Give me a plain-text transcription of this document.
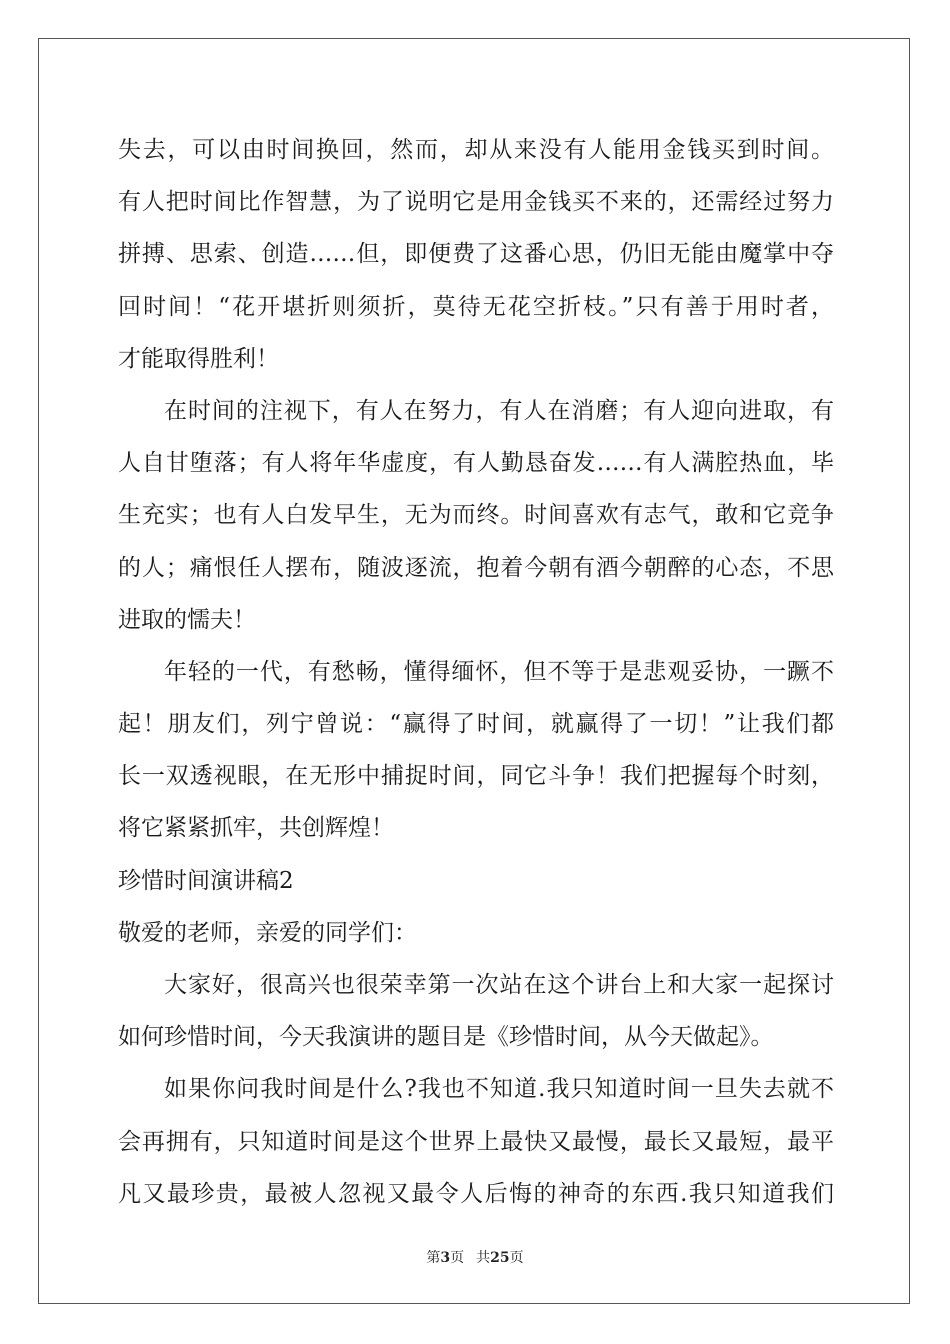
失去，可以由时间换回，然而，却从来没有人能用金钱买到时间。
有人把时间比作智慧，为了说明它是用金钱买不来的，还需经过努力
拼搏、思索、创造……但，即便费了这番心思，仍旧无能由魔掌中夺
回时间！“花开堪折则须折，莫待无花空折枝。”只有善于用时者，
才能取得胜利！
在时间的注视下，有人在努力，有人在消磨；有人迎向进取，有
人自甘堕落；有人将年华虚度，有人勤恳奋发……有人满腔热血，毕
生充实；也有人白发早生，无为而终。时间喜欢有志气，敢和它竞争
的人；痛恨任人摆布，随波逐流，抱着今朝有酒今朝醉的心态，不思
进取的懦夫！
年轻的一代，有愁畅，懂得缅怀，但不等于是悲观妥协，一蹶不
起！朋友们，列宁曾说：“赢得了时间，就赢得了一切！”让我们都
长一双透视眼，在无形中捕捉时间，同它斗争！我们把握每个时刻，
将它紧紧抓牢，共创辉煌！
珍惜时间演讲稿2
敬爱的老师，亲爱的同学们：
大家好，很高兴也很荣幸第一次站在这个讲台上和大家一起探讨
如何珍惜时间，今天我演讲的题目是《珍惜时间，从今天做起》。
如果你问我时间是什么?我也不知道.我只知道时间一旦失去就不
会再拥有，只知道时间是这个世界上最快又最慢，最长又最短，最平
凡又最珍贵，最被人忽视又最令人后悔的神奇的东西.我只知道我们
第3页 共25页
